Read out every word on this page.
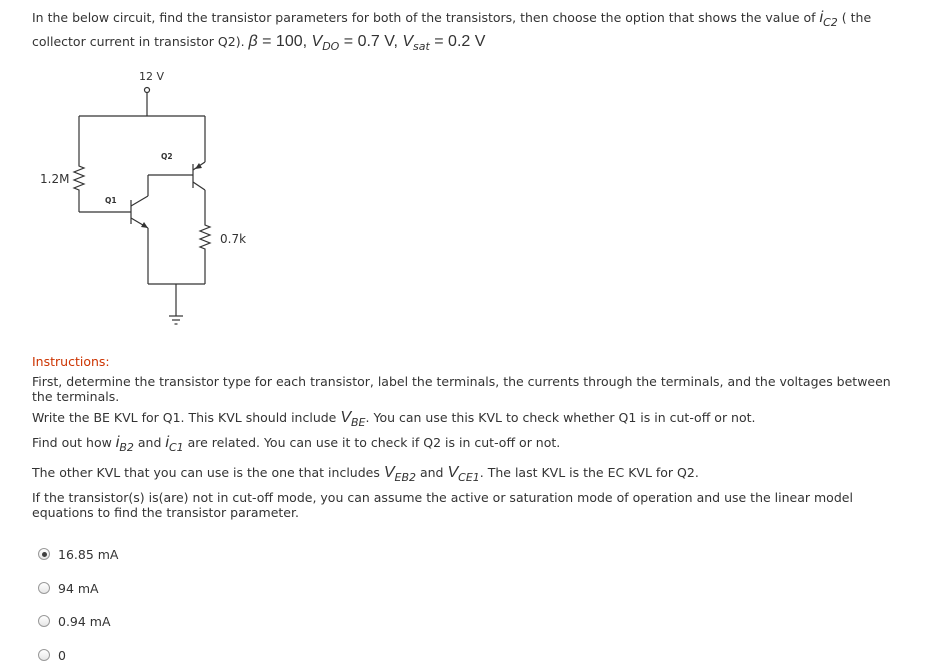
In the below circuit, find the transistor parameters for both of the transistors, then choose the option that shows the value of iC2 ( the
collector current in transistor Q2). β = 100, VDO = 0.7 V, Vsat = 0.2 V
12 V
1.2M
0.7k
Q1
Q2
Instructions:
First, determine the transistor type for each transistor, label the terminals, the currents through the terminals, and the voltages between the terminals.
Write the BE KVL for Q1. This KVL should include VBE. You can use this KVL to check whether Q1 is in cut-off or not.
Find out how iB2 and iC1 are related. You can use it to check if Q2 is in cut-off or not.
The other KVL that you can use is the one that includes VEB2 and VCE1. The last KVL is the EC KVL for Q2.
If the transistor(s) is(are) not in cut-off mode, you can assume the active or saturation mode of operation and use the linear model equations to find the transistor parameter.
16.85 mA
94 mA
0.94 mA
0
